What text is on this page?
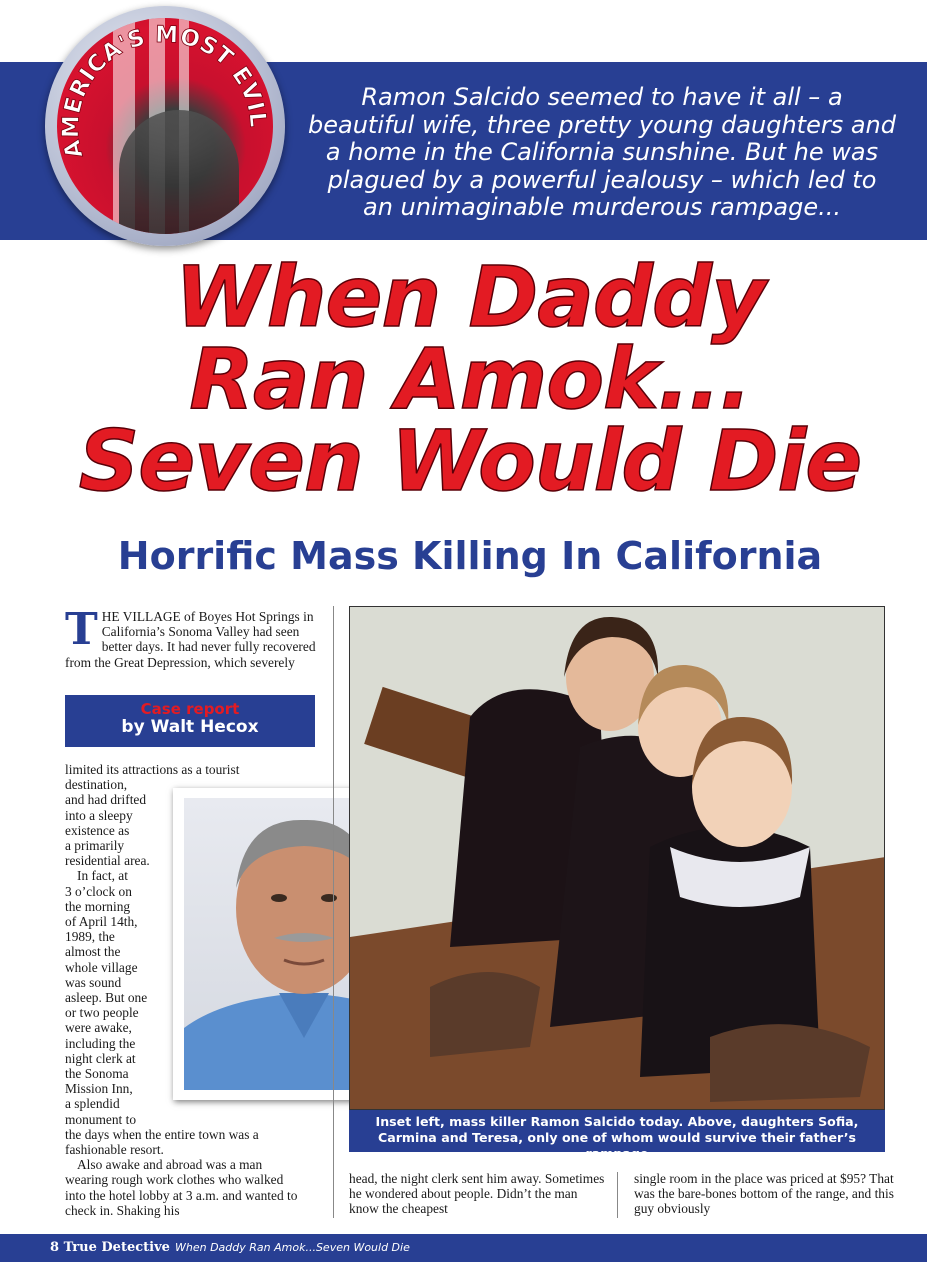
AMERICA'S MOST EVIL
Ramon Salcido seemed to have it all – a
beautiful wife, three pretty young daughters and
a home in the California sunshine. But he was
plagued by a powerful jealousy – which led to
an unimaginable murderous rampage...
When Daddy
Ran Amok...
Seven Would Die
Horrific Mass Killing In California
T HE VILLAGE of Boyes Hot Springs in California’s Sonoma Valley had seen better days. It had never fully recovered from the Great Depression, which severely
Case report
by Walt Hecox

limited its attractions as a tourist destination,

and had drifted
into a sleepy
existence as
a primarily
residential area.
In fact, at
3 o’clock on
the morning
of April 14th,
1989, the
almost the
whole village
was sound
asleep. But one
or two people
were awake,
including the
night clerk at
the Sonoma
Mission Inn,
a splendid
monument to

the days when the entire town was a fashionable resort.

Also awake and abroad was a man wearing rough work clothes who walked into the hotel lobby at 3 a.m. and wanted to check in. Shaking his

Inset left, mass killer Ramon Salcido today. Above, daughters Sofia, Carmina and Teresa, only one of whom would survive their father’s rampage
head, the night clerk sent him away. Sometimes he wondered about people. Didn’t the man know the cheapest
single room in the place was priced at $95? That was the bare-bones bottom of the range, and this guy obviously
8 True Detective When Daddy Ran Amok...Seven Would Die
